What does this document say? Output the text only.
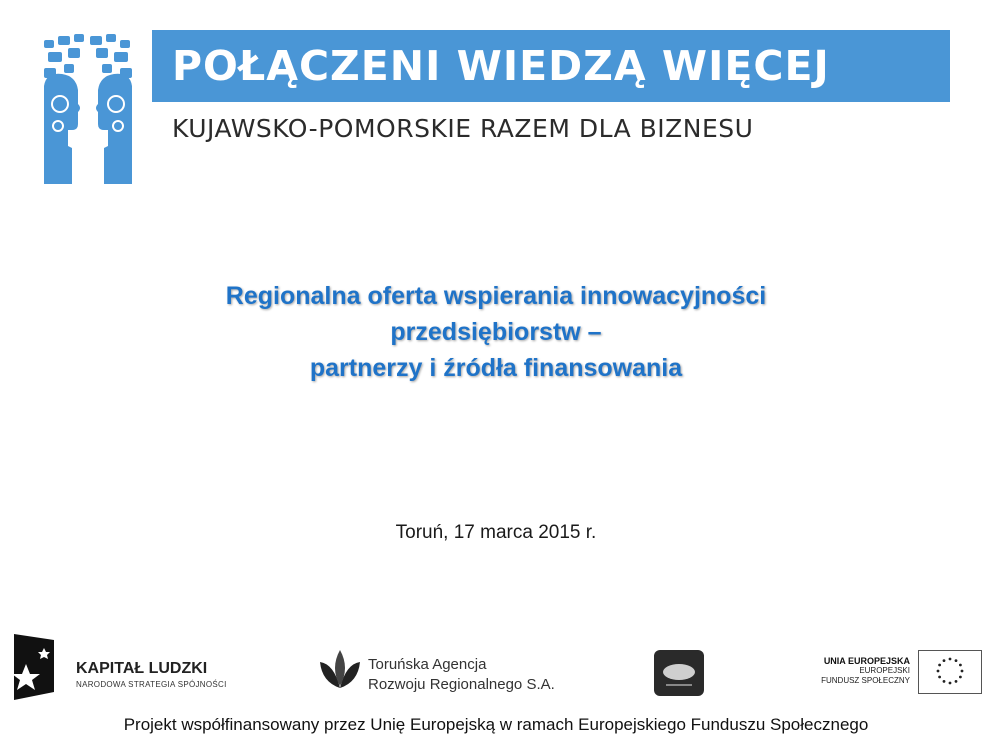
POŁĄCZENI WIEDZĄ WIĘCEJ
KUJAWSKO-POMORSKIE RAZEM DLA BIZNESU
Regionalna oferta wspierania innowacyjności
przedsiębiorstw –
partnerzy i źródła finansowania
Toruń, 17 marca 2015 r.
KAPITAŁ LUDZKI
NARODOWA STRATEGIA SPÓJNOŚCI
Toruńska Agencja
Rozwoju Regionalnego S.A.
UNIA EUROPEJSKA
EUROPEJSKI
FUNDUSZ SPOŁECZNY
Projekt współfinansowany przez Unię Europejską w ramach Europejskiego Funduszu Społecznego
